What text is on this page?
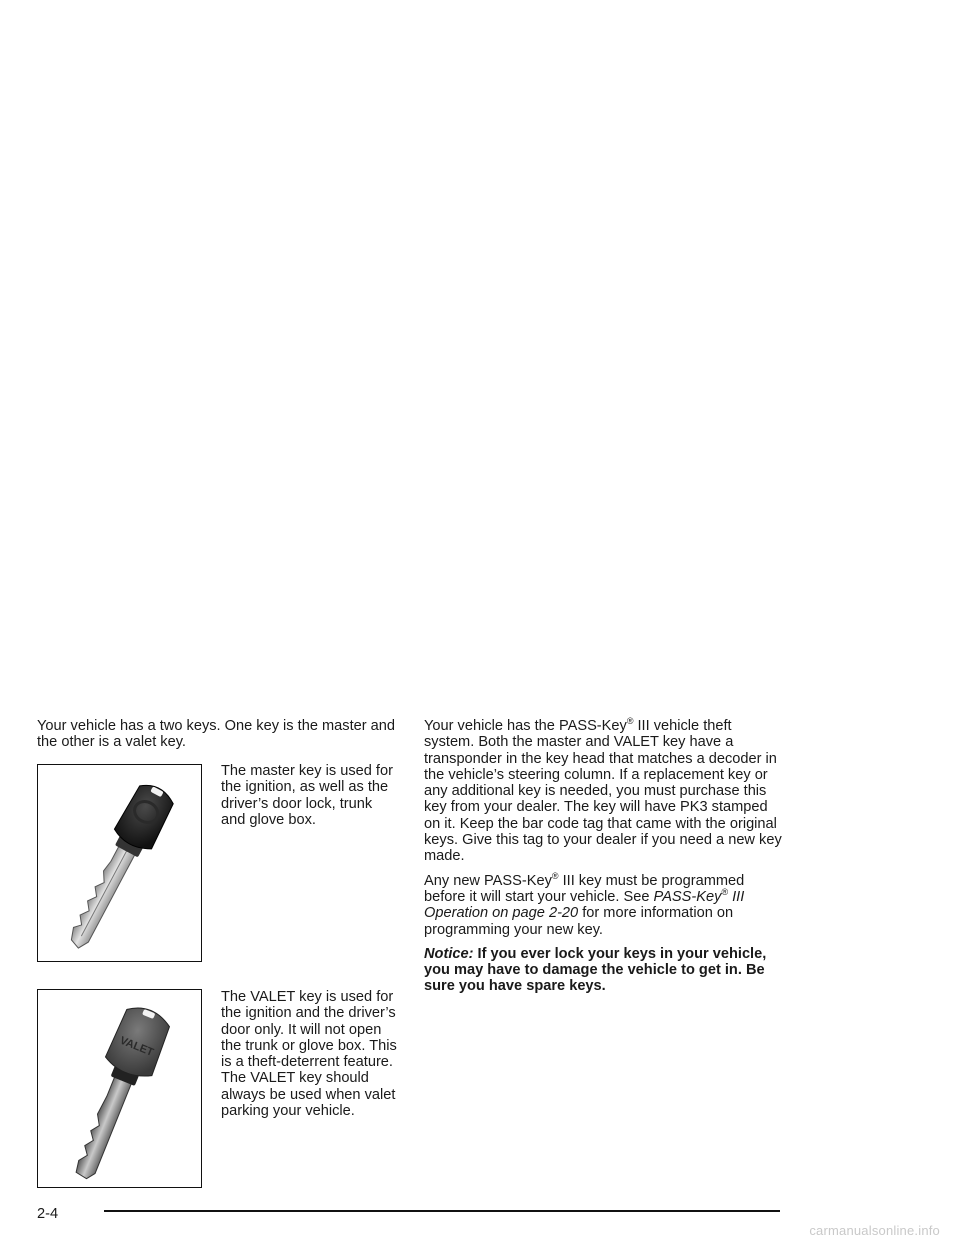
Your vehicle has a two keys. One key is the master and the other is a valet key.

The master key is used for the ignition, as well as the driver’s door lock, trunk and glove box.

VALET

The VALET key is used for the ignition and the driver’s door only. It will not open the trunk or glove box. This is a theft-deterrent feature. The VALET key should always be used when valet parking your vehicle.

Your vehicle has the PASS-Key® III vehicle theft system. Both the master and VALET key have a transponder in the key head that matches a decoder in the vehicle’s steering column. If a replacement key or any additional key is needed, you must purchase this key from your dealer. The key will have PK3 stamped on it. Keep the bar code tag that came with the original keys. Give this tag to your dealer if you need a new key made.

Any new PASS-Key® III key must be programmed before it will start your vehicle. See PASS-Key® III Operation on page 2-20 for more information on programming your new key.

Notice: If you ever lock your keys in your vehicle, you may have to damage the vehicle to get in. Be sure you have spare keys.

2-4
carmanualsonline.info
